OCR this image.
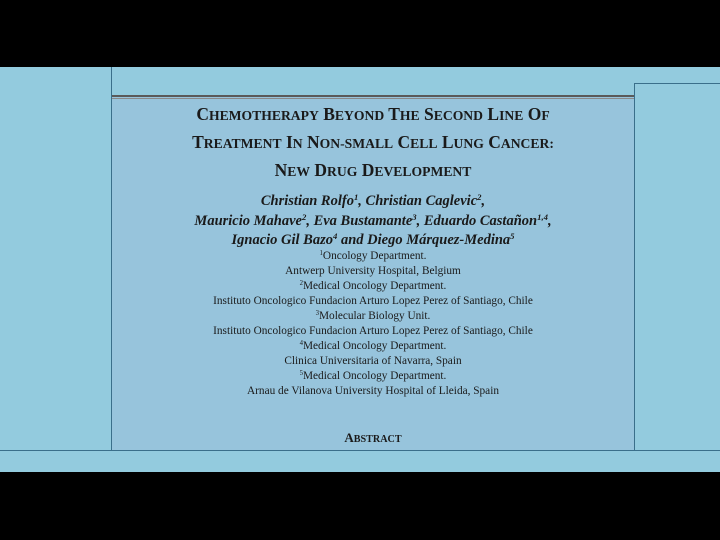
CHEMOTHERAPY BEYOND THE SECOND LINE OF
TREATMENT IN NON-SMALL CELL LUNG CANCER:
NEW DRUG DEVELOPMENT
Christian Rolfo$^1$, Christian Caglevic$^2$,
Mauricio Mahave$^2$, Eva Bustamante$^3$, Eduardo Castañon$^{1,4}$,
Ignacio Gil Bazo$^4$ and Diego Márquez-Medina$^5$
$^1$Oncology Department.
Antwerp University Hospital, Belgium
$^2$Medical Oncology Department.
Instituto Oncologico Fundacion Arturo Lopez Perez of Santiago, Chile
$^3$Molecular Biology Unit.
Instituto Oncologico Fundacion Arturo Lopez Perez of Santiago, Chile
$^4$Medical Oncology Department.
Clinica Universitaria of Navarra, Spain
$^5$Medical Oncology Department.
Arnau de Vilanova University Hospital of Lleida, Spain
ABSTRACT
